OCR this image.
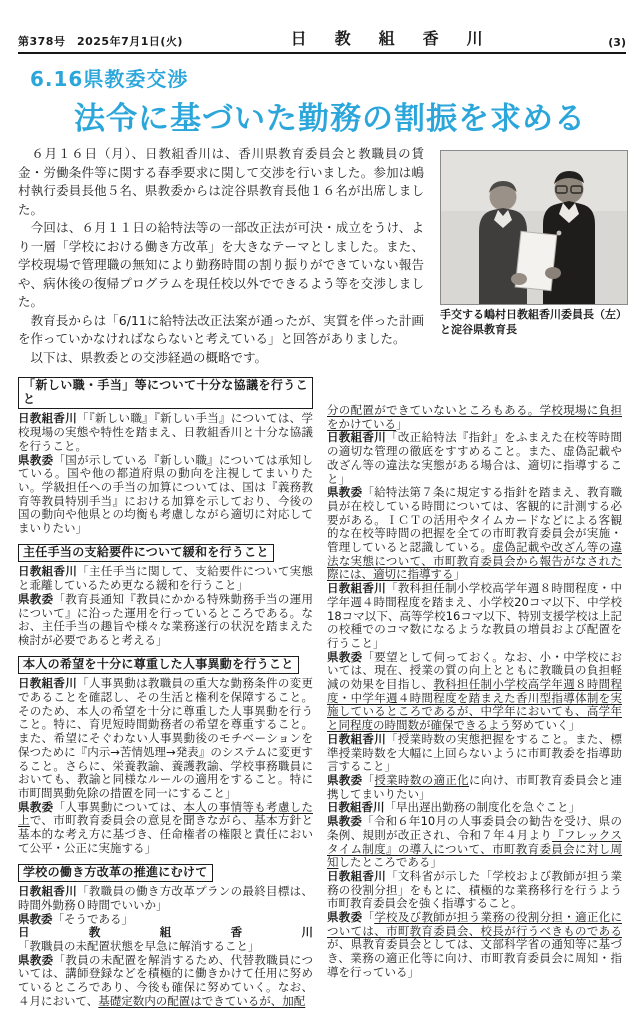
第378号　2025年7月1日(火)	日　教　組　香　川	(3)
6.16県教委交渉
法令に基づいた勤務の割振を求める
手交する嶋村日教組香川委員長（左）と淀谷県教育長

　６月１６日（月）、日教組香川は、香川県教育委員会と教職員の賃金・労働条件等に関する春季要求に関して交渉を行いました。参加は嶋村執行委員長他５名、県教委からは淀谷県教育長他１６名が出席しました。

　今回は、６月１１日の給特法等の一部改正法が可決・成立をうけ、より一層「学校における働き方改革」を大きなテーマとしました。また、学校現場で管理職の無知により勤務時間の割り振りができていない報告や、病休後の復帰プログラムを現任校以外でできるよう等を交渉しました。

　教育長からは「6/11に給特法改正法案が通ったが、実質を伴った計画を作っていかなければならないと考えている」と回答がありました。

　以下は、県教委との交渉経過の概略です。

「新しい職・手当」等について十分な協議を行うこと

日教組香川「『新しい職』『新しい手当』については、学校現場の実態や特性を踏まえ、日教組香川と十分な協議を行うこと。

県教委「国が示している『新しい職』については承知している。国や他の都道府県の動向を注視してまいりたい。学級担任への手当の加算については、国は『義務教育等教員特別手当』における加算を示しており、今後の国の動向や他県との均衡も考慮しながら適切に対応してまいりたい」

主任手当の支給要件について緩和を行うこと

日教組香川「主任手当に関して、支給要件について実態と乖離しているため更なる緩和を行うこと」

県教委「教育長通知『教員にかかる特殊勤務手当の運用について』に沿った運用を行っているところである。なお、主任手当の趣旨や様々な業務遂行の状況を踏まえた検討が必要であると考える」

本人の希望を十分に尊重した人事異動を行うこと

日教組香川「人事異動は教職員の重大な勤務条件の変更であることを確認し、その生活と権利を保障すること。そのため、本人の希望を十分に尊重した人事異動を行うこと。特に、育児短時間勤務者の希望を尊重すること。また、希望にそぐわない人事異動後のモチベーションを保つために『内示→苦情処理→発表』のシステムに変更すること。さらに、栄養教諭、養護教諭、学校事務職員においても、教諭と同様なルールの適用をすること。特に市町間異動免除の措置を同一にすること」

県教委「人事異動については、本人の事情等も考慮した上で、市町教育委員会の意見を聞きながら、基本方針と基本的な考え方に基づき、任命権者の権限と責任において公平・公正に実施する」

学校の働き方改革の推進にむけて

日教組香川「教職員の働き方改革プランの最終目標は、時間外勤務０時間でいいか」

県教委「そうである」

日教組香川「教職員の未配置状態を早急に解消すること」

県教委「教員の未配置を解消するため、代替教職員については、講師登録などを積極的に働きかけて任用に努めているところであり、今後も確保に努めていく。なお、４月において、基礎定数内の配置はできているが、加配

分の配置ができていないところもある。学校現場に負担をかけている」

日教組香川「改正給特法『指針』をふまえた在校等時間の適切な管理の徹底をすすめること。また、虚偽記載や改ざん等の違法な実態がある場合は、適切に指導すること」

県教委「給特法第７条に規定する指針を踏まえ、教育職員が在校している時間については、客観的に計測する必要がある。ＩＣＴの活用やタイムカードなどによる客観的な在校等時間の把握を全ての市町教育委員会が実施・管理していると認識している。虚偽記載や改ざん等の違法な実態について、市町教育委員会から報告がなされた際には、適切に指導する」

日教組香川「教科担任制小学校高学年週８時間程度・中学年週４時間程度を踏まえ、小学校20コマ以下、中学校18コマ以下、高等学校16コマ以下、特別支援学校は上記の校種でのコマ数になるような教員の増員および配置を行うこと」

県教委「要望として伺っておく。なお、小・中学校においては、現在、授業の質の向上とともに教職員の負担軽減の効果を目指し、教科担任制小学校高学年週８時間程度・中学年週４時間程度を踏まえた香川型指導体制を実施しているところであるが、中学年においても、高学年と同程度の時間数が確保できるよう努めていく」

日教組香川「授業時数の実態把握をすること。また、標準授業時数を大幅に上回らないように市町教委を指導助言すること」

県教委「授業時数の適正化に向け、市町教育委員会と連携してまいりたい」

日教組香川「早出遅出勤務の制度化を急ぐこと」

県教委「令和６年10月の人事委員会の勧告を受け、県の条例、規則が改正され、令和７年４月より『フレックスタイム制度』の導入について、市町教育委員会に対し周知したところである」

日教組香川「文科省が示した「学校および教師が担う業務の役割分担」をもとに、積極的な業務移行を行うよう市町教育委員会を強く指導すること。

県教委「学校及び教師が担う業務の役割分担・適正化については、市町教育委員会、校長が行うべきものであるが、県教育委員会としては、文部科学省の通知等に基づき、業務の適正化等に向け、市町教育委員会に周知・指導を行っている」
